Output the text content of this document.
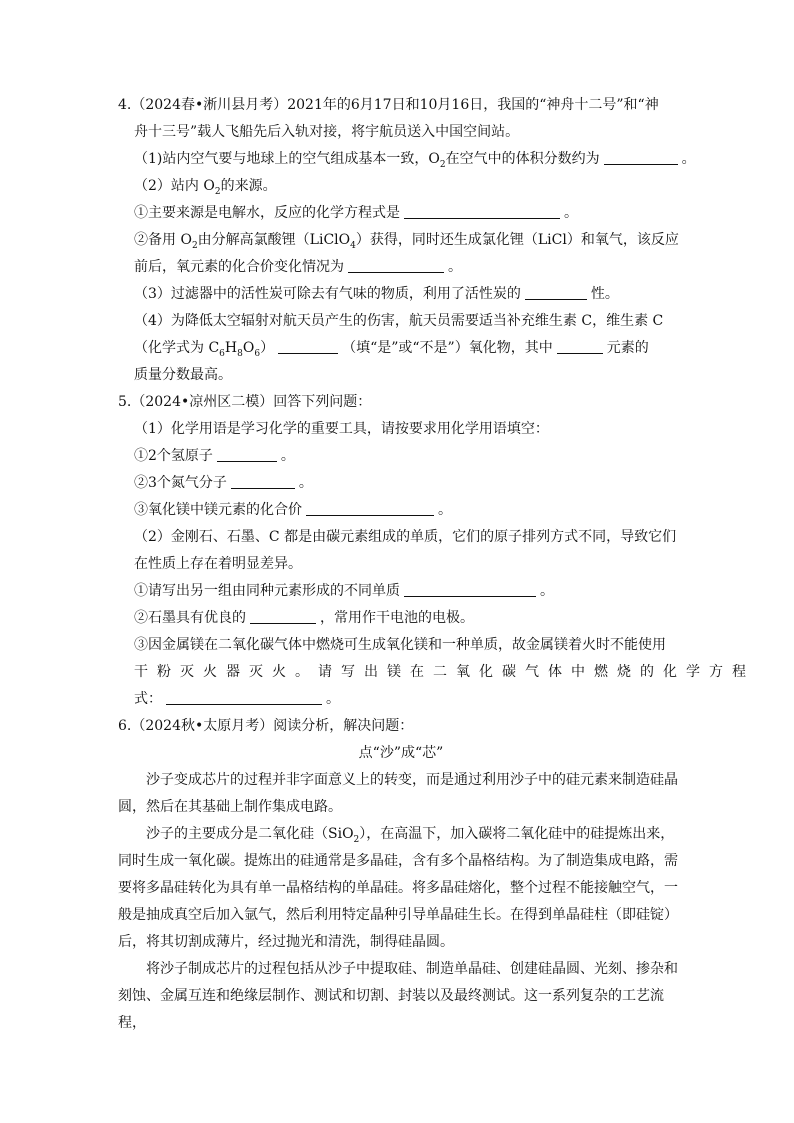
4.（2024春•淅川县月考）2021年的6月17日和10月16日，我国的“神舟十二号”和“神
舟十三号”载人飞船先后入轨对接，将宇航员送入中国空间站。
（1)站内空气要与地球上的空气组成基本一致，$O_2$在空气中的体积分数约为	。
（2）站内 $O_2$的来源。
①主要来源是电解水，反应的化学方程式是	。
②备用 $O_2$由分解高氯酸锂（LiClO$_4$）获得，同时还生成氯化锂（LiCl）和氧气，该反应
前后，氧元素的化合价变化情况为	。
（3）过滤器中的活性炭可除去有气味的物质，利用了活性炭的	性。
（4）为降低太空辐射对航天员产生的伤害，航天员需要适当补充维生素 C，维生素 C
（化学式为 $C_6H_8O_6$）	（填“是”或“不是”）氧化物，其中	元素的
质量分数最高。
5.（2024•凉州区二模）回答下列问题：
（1）化学用语是学习化学的重要工具，请按要求用化学用语填空：
①2个氢原子	。
②3个氮气分子	。
③氧化镁中镁元素的化合价	。
（2）金刚石、石墨、C 都是由碳元素组成的单质，它们的原子排列方式不同，导致它们
在性质上存在着明显差异。
①请写出另一组由同种元素形成的不同单质	。
②石墨具有优良的	，常用作干电池的电极。
③因金属镁在二氧化碳气体中燃烧可生成氧化镁和一种单质，故金属镁着火时不能使用
干粉灭火器灭火。请写出镁在二氧化碳气体中燃烧的化学方程
式：	。
6.（2024秋•太原月考）阅读分析，解决问题：
点“沙”成“芯”
沙子变成芯片的过程并非字面意义上的转变，而是通过利用沙子中的硅元素来制造硅晶圆，然后在其基础上制作集成电路。
沙子的主要成分是二氧化硅（SiO$_2$），在高温下，加入碳将二氧化硅中的硅提炼出来，同时生成一氧化碳。提炼出的硅通常是多晶硅，含有多个晶格结构。为了制造集成电路，需要将多晶硅转化为具有单一晶格结构的单晶硅。将多晶硅熔化，整个过程不能接触空气，一般是抽成真空后加入氩气，然后利用特定晶种引导单晶硅生长。在得到单晶硅柱（即硅锭）后，将其切割成薄片，经过抛光和清洗，制得硅晶圆。
将沙子制成芯片的过程包括从沙子中提取硅、制造单晶硅、创建硅晶圆、光刻、掺杂和刻蚀、金属互连和绝缘层制作、测试和切割、封装以及最终测试。这一系列复杂的工艺流程，
